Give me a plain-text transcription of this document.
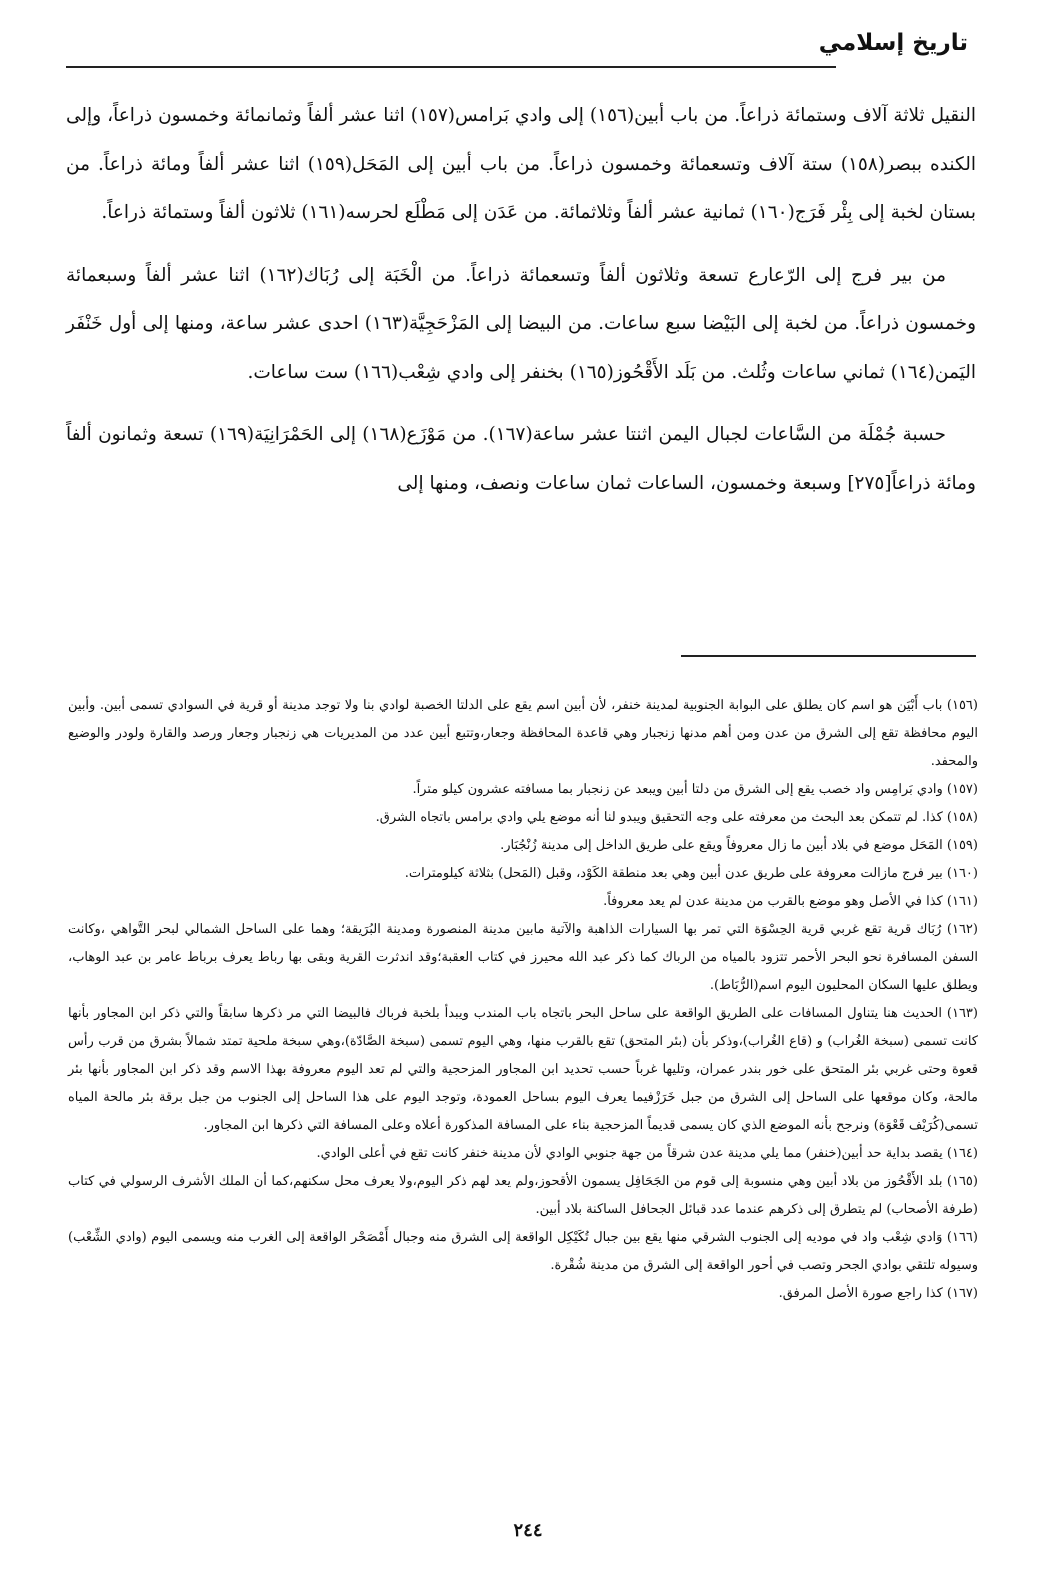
تاريخ إسلامي

النقيل ثلاثة آلاف وستمائة ذراعاً. من باب أبين(١٥٦) إلى وادي بَرامس(١٥٧) اثنا عشر ألفاً وثمانمائة وخمسون ذراعاً، وإلى الكنده ببصر(١٥٨) ستة آلاف وتسعمائة وخمسون ذراعاً. من باب أبين إلى المَحَل(١٥٩) اثنا عشر ألفاً ومائة ذراعاً. من بستان لخبة إلى بِئْر فَرَج(١٦٠) ثمانية عشر ألفاً وثلاثمائة. من عَدَن إلى مَطْلَع لحرسه(١٦١) ثلاثون ألفاً وستمائة ذراعاً.

من بير فرج إلى الرّعارع تسعة وثلاثون ألفاً وتسعمائة ذراعاً. من الْخَبَة إلى رُبَاك(١٦٢) اثنا عشر ألفاً وسبعمائة وخمسون ذراعاً. من لخبة إلى البَيْضا سبع ساعات. من البيضا إلى المَزْحَجِيَّة(١٦٣) احدى عشر ساعة، ومنها إلى أول خَنْفَر اليَمن(١٦٤) ثماني ساعات وثُلث. من بَلَد الأَقْحُوز(١٦٥) بخنفر إلى وادي شِعْب(١٦٦) ست ساعات.

حسبة جُمْلَة من السَّاعات لجبال اليمن اثنتا عشر ساعة(١٦٧). من مَوْزَع(١٦٨) إلى الحَمْرَانِيَة(١٦٩) تسعة وثمانون ألفاً ومائة ذراعاً[٢٧٥] وسبعة وخمسون، الساعات ثمان ساعات ونصف، ومنها إلى

(١٥٦) باب أَبْيَن هو اسم كان يطلق على البوابة الجنوبية لمدينة خنفر، لأن أبين اسم يقع على الدلتا الخصبة لوادي بنا ولا توجد مدينة أو قرية في السوادي تسمى أبين. وأبين اليوم محافظة تقع إلى الشرق من عدن ومن أهم مدنها زنجبار وهي قاعدة المحافظة وجعار،وتتبع أبين عدد من المديريات هي زنجبار وجعار ورصد والقارة ولودر والوضيع والمحفد.

(١٥٧) وادي بَرامِس واد خصب يقع إلى الشرق من دلتا أبين ويبعد عن زنجبار بما مسافته عشرون كيلو متراً.

(١٥٨) كذا. لم تتمكن بعد البحث من معرفته على وجه التحقيق ويبدو لنا أنه موضع يلي وادي برامس باتجاه الشرق.

(١٥٩) المَحَل موضع في بلاد أبين ما زال معروفاً ويقع على طريق الداخل إلى مدينة زُنْجُبَار.

(١٦٠) بير فرج مازالت معروفة على طريق عدن أبين وهي بعد منطقة الكَوْد، وقبل (المَحل) بثلاثة كيلومترات.

(١٦١) كذا في الأصل وهو موضع بالقرب من مدينة عدن لم يعد معروفاً.

(١٦٢) رُبَاك قرية تقع غربي قرية الحِسْوَة التي تمر بها السيارات الذاهبة والآتية مابين مدينة المنصورة ومدينة البُرَيقة؛ وهما على الساحل الشمالي لبحر التَّواهي ،وكانت السفن المسافرة نحو البحر الأحمر تتزود بالمياه من الرباك كما ذكر عبد الله محيرز في كتاب العقبة؛وقد اندثرت القرية وبقى بها رباط يعرف برباط عامر بن عبد الوهاب، ويطلق عليها السكان المحليون اليوم اسم(الرُّبَاط).

(١٦٣) الحديث هنا يتناول المسافات على الطريق الواقعة على ساحل البحر باتجاه باب المندب ويبدأ بلخبة فرباك فالبيضا التي مر ذكرها سابقاً والتي ذكر ابن المجاور بأنها كانت تسمى (سبخة الغُراب) و (قاع الغُراب)،وذكر بأن (بئر المتحق) تقع بالقرب منها، وهي اليوم تسمى (سبخة الصَّادّة)،وهي سبخة ملحية تمتد شمالاً بشرق من قرب رأس قعوة وحتى غربي بئر المتحق على خور بندر عمران، وتليها غرباً حسب تحديد ابن المجاور المزحجية والتي لم تعد اليوم معروفة بهذا الاسم وقد ذكر ابن المجاور بأنها بئر مالحة، وكان موقعها على الساحل إلى الشرق من جبل خَرَزْفيما يعرف اليوم بساحل العمودة، وتوجد اليوم على هذا الساحل إلى الجنوب من جبل برقة بئر مالحة المياه تسمى(كُرَيْف قَعْوَة) ونرجح بأنه الموضع الذي كان يسمى قديماً المزحجية بناء على المسافة المذكورة أعلاه وعلى المسافة التي ذكرها ابن المجاور.

(١٦٤) يقصد بداية حد أبين(خنفر) مما يلي مدينة عدن شرقاً من جهة جنوبي الوادي لأن مدينة خنفر كانت تقع في أعلى الوادي.

(١٦٥) بلد الأَقْحُوز من بلاد أبين وهي منسوبة إلى قوم من الجَحَافِل يسمون الأقحوز،ولم يعد لهم ذكر اليوم،ولا يعرف محل سكنهم،كما أن الملك الأشرف الرسولي في كتاب (طرفة الأصحاب) لم يتطرق إلى ذكرهم عندما عدد قبائل الجحافل الساكنة بلاد أبين.

(١٦٦) وَادي شِعْب واد في موديه إلى الجنوب الشرقي منها يقع بين جبال تُكَيْكِل الواقعة إلى الشرق منه وجبال أَمْصَحْر الواقعة إلى الغرب منه ويسمى اليوم (وادي الشِّعْب) وسيوله تلتقي بوادي الجحر وتصب في أحور الواقعة إلى الشرق من مدينة شُقْرة.

(١٦٧) كذا راجع صورة الأصل المرفق.

٢٤٤
